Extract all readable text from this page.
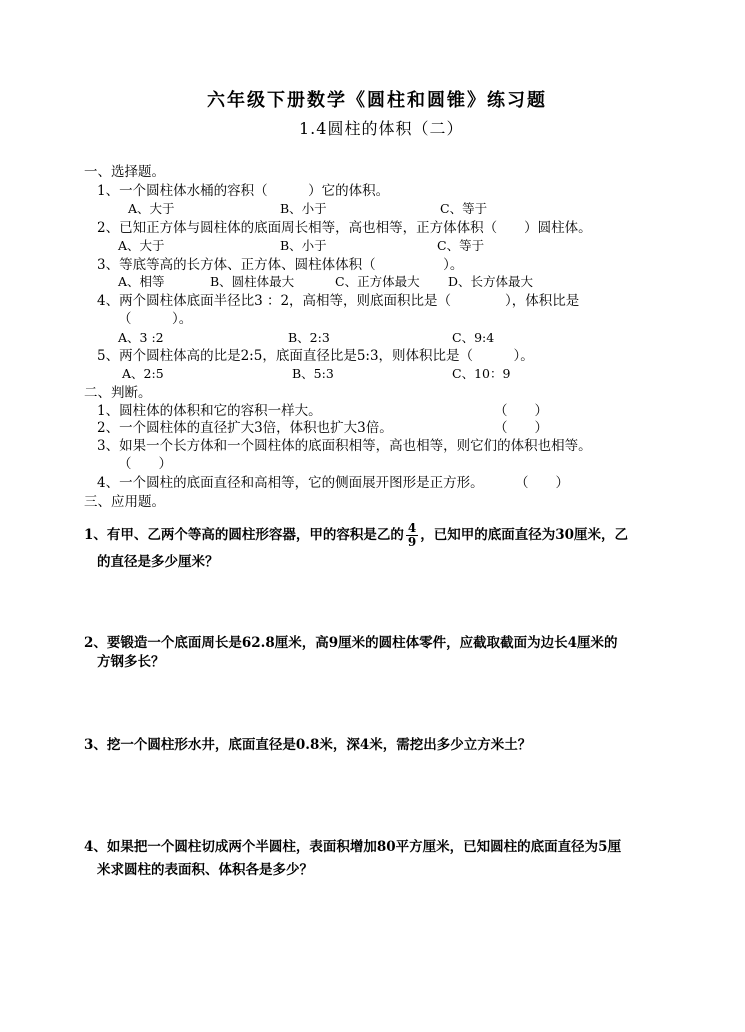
六年级下册数学《圆柱和圆锥》练习题
1.4圆柱的体积（二）
一、选择题。
1、一个圆柱体水桶的容积（　　　）它的体积。
A、大于	B、小于	C、等于
2、已知正方体与圆柱体的底面周长相等，高也相等，正方体体积（　　）圆柱体。
A、大于	B、小于	C、等于
3、等底等高的长方体、正方体、圆柱体体积（　　　　　）。
A、相等	B、圆柱体最大	C、正方体最大 D、长方体最大
4、两个圆柱体底面半径比3 ：2，高相等，则底面积比是（　　　　），体积比是
（　　　）。
A、3 :2	B、2:3	C、9:4
5、两个圆柱体高的比是2:5，底面直径比是5:3，则体积比是（　　　）。
A、2:5	B、5:3	C、10：9
二、判断。
1、圆柱体的体积和它的容积一样大。	（　　）
2、一个圆柱体的直径扩大3倍，体积也扩大3倍。	（　　）
3、如果一个长方体和一个圆柱体的底面积相等，高也相等，则它们的体积也相等。
（　　）
4、一个圆柱的底面直径和高相等，它的侧面展开图形是正方形。 （　　）
三、应用题。
1、有甲、乙两个等高的圆柱形容器，甲的容积是乙的 $\frac{4}{9}$ ，已知甲的底面直径为30厘米，乙
的直径是多少厘米？
2、要锻造一个底面周长是62.8厘米，高9厘米的圆柱体零件，应截取截面为边长4厘米的
方钢多长？
3、挖一个圆柱形水井，底面直径是0.8米，深4米，需挖出多少立方米土？
4、如果把一个圆柱切成两个半圆柱，表面积增加80平方厘米，已知圆柱的底面直径为5厘
米求圆柱的表面积、体积各是多少？
